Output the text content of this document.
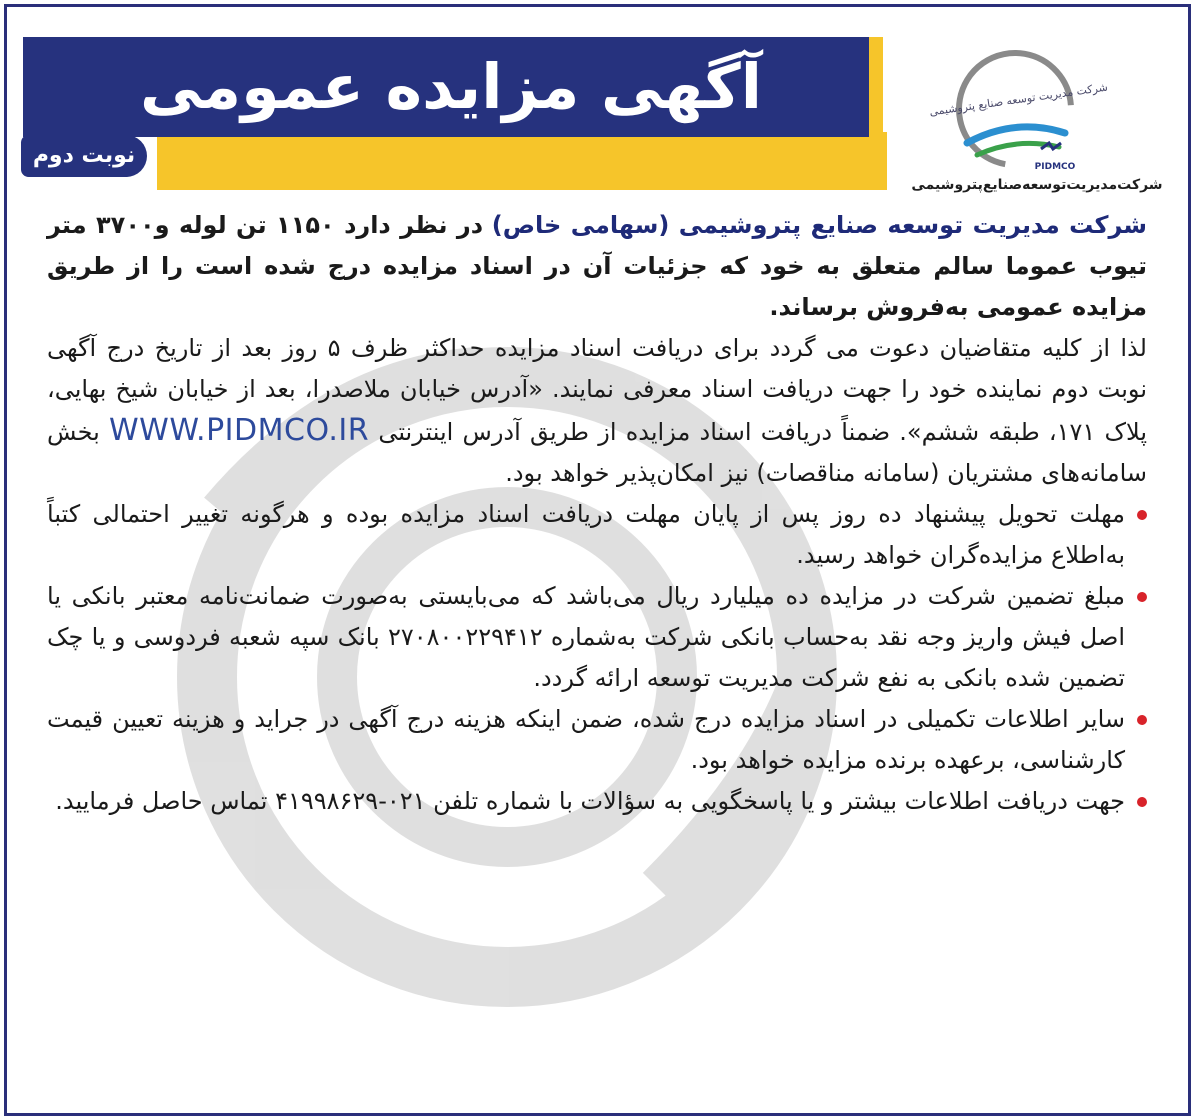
آگهی مزایده عمومی
نوبت دوم	PIDMCO
شرکت مدیریت توسعه صنایع پتروشیمی
شرکت‌مدیریت‌توسعه‌صنایع‌پتروشیمی

شرکت مدیریت توسعه صنایع پتروشیمی (سهامی خاص) در نظر دارد ۱۱۵۰ تن لوله و۳۷۰۰ متر تیوب عموما سالم متعلق به خود که جزئیات آن در اسناد مزایده درج شده است را از طریق مزایده عمومی به‌فروش برساند.

لذا از کلیه متقاضیان دعوت می گردد برای دریافت اسناد مزایده حداکثر ظرف ۵ روز بعد از تاریخ درج آگهی نوبت دوم نماینده خود را جهت دریافت اسناد معرفی نمایند. «آدرس خیابان ملاصدرا، بعد از خیابان شیخ بهایی، پلاک ۱۷۱، طبقه ششم». ضمناً دریافت اسناد مزایده از طریق آدرس اینترنتی WWW.PIDMCO.IR بخش سامانه‌های مشتریان (سامانه مناقصات) نیز امکان‌پذیر خواهد بود.

مهلت تحویل پیشنهاد ده روز پس از پایان مهلت دریافت اسناد مزایده بوده و هرگونه تغییر احتمالی کتباً به‌اطلاع مزایده‌گران خواهد رسید.
مبلغ تضمین شرکت در مزایده ده میلیارد ریال می‌باشد که می‌بایستی به‌صورت ضمانت‌نامه معتبر بانکی یا اصل فیش واریز وجه نقد به‌حساب بانکی شرکت به‌شماره ۲۷۰۸۰۰۲۲۹۴۱۲ بانک سپه شعبه فردوسی و یا چک تضمین شده بانکی به نفع شرکت مدیریت توسعه ارائه گردد.
سایر اطلاعات تکمیلی در اسناد مزایده درج شده، ضمن اینکه هزینه درج آگهی در جراید و هزینه تعیین قیمت کارشناسی، برعهده برنده مزایده خواهد بود.
جهت دریافت اطلاعات بیشتر و یا پاسخگویی به سؤالات با شماره تلفن ۰۲۱-۴۱۹۹۸۶۲۹ تماس حاصل فرمایید.
